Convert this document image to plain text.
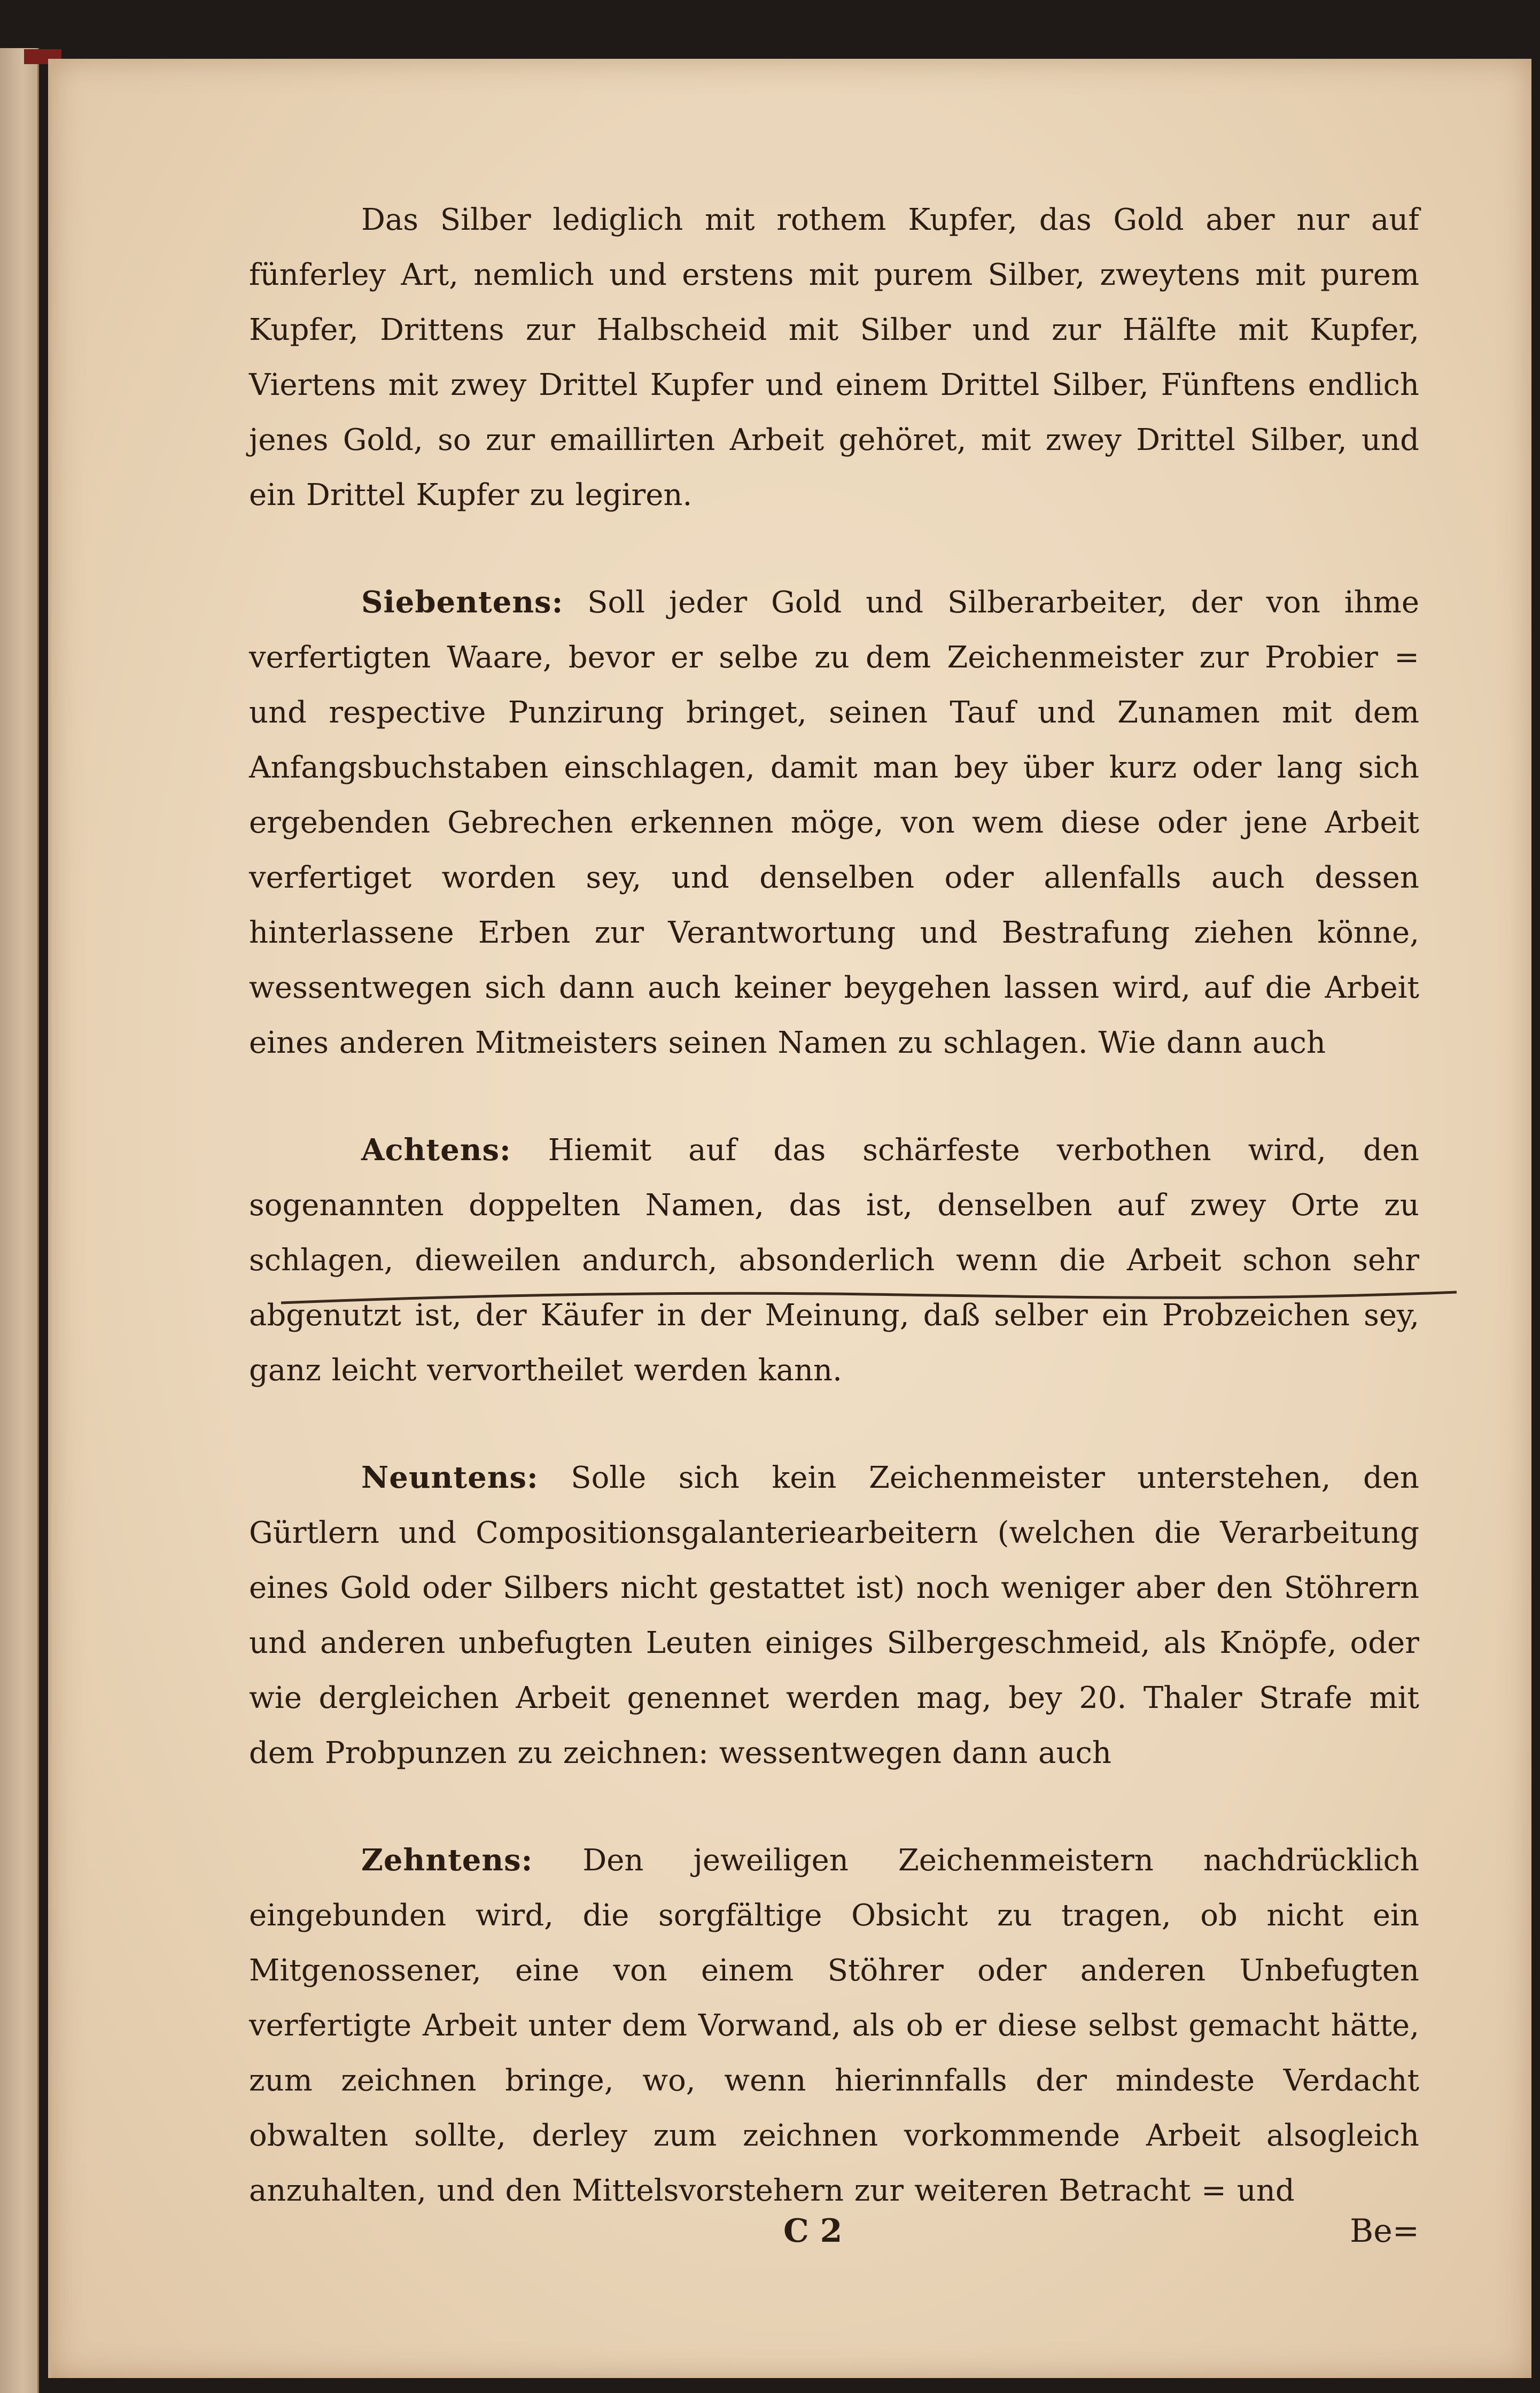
Das Silber lediglich mit rothem Kupfer, das Gold aber nur auf fünferley Art, nemlich und erstens mit purem Silber, zweytens mit purem Kupfer, Drittens zur Halbscheid mit Silber und zur Hälfte mit Kupfer, Viertens mit zwey Drittel Kupfer und einem Drittel Silber, Fünftens endlich jenes Gold, so zur emaillirten Arbeit gehöret, mit zwey Drittel Silber, und ein Drittel Kupfer zu legiren.

Siebentens: Soll jeder Gold und Silberarbeiter, der von ihme verfertigten Waare, bevor er selbe zu dem Zeichenmeister zur Probier = und respective Punzirung bringet, seinen Tauf und Zunamen mit dem Anfangsbuchstaben einschlagen, damit man bey über kurz oder lang sich ergebenden Gebrechen erkennen möge, von wem diese oder jene Arbeit verfertiget worden sey, und denselben oder allenfalls auch dessen hinterlassene Erben zur Verantwortung und Bestrafung ziehen könne, wessentwegen sich dann auch keiner beygehen lassen wird, auf die Arbeit eines anderen Mitmeisters seinen Namen zu schlagen. Wie dann auch

Achtens: Hiemit auf das schärfeste verbothen wird, den sogenannten doppelten Namen, das ist, denselben auf zwey Orte zu schlagen, dieweilen andurch, absonderlich wenn die Arbeit schon sehr abgenutzt ist, der Käufer in der Meinung, daß selber ein Probzeichen sey, ganz leicht vervortheilet werden kann.

Neuntens: Solle sich kein Zeichenmeister unterstehen, den Gürtlern und Compositionsgalanteriearbeitern (welchen die Verarbeitung eines Gold oder Silbers nicht gestattet ist) noch weniger aber den Stöhrern und anderen unbefugten Leuten einiges Silbergeschmeid, als Knöpfe, oder wie dergleichen Arbeit genennet werden mag, bey 20. Thaler Strafe mit dem Probpunzen zu zeichnen: wessentwegen dann auch

Zehntens: Den jeweiligen Zeichenmeistern nachdrücklich eingebunden wird, die sorgfältige Obsicht zu tragen, ob nicht ein Mitgenossener, eine von einem Stöhrer oder anderen Unbefugten verfertigte Arbeit unter dem Vorwand, als ob er diese selbst gemacht hätte, zum zeichnen bringe, wo, wenn hierinnfalls der mindeste Verdacht obwalten sollte, derley zum zeichnen vorkommende Arbeit alsogleich anzuhalten, und den Mittelsvorstehern zur weiteren Betracht = und

C 2	Be=
